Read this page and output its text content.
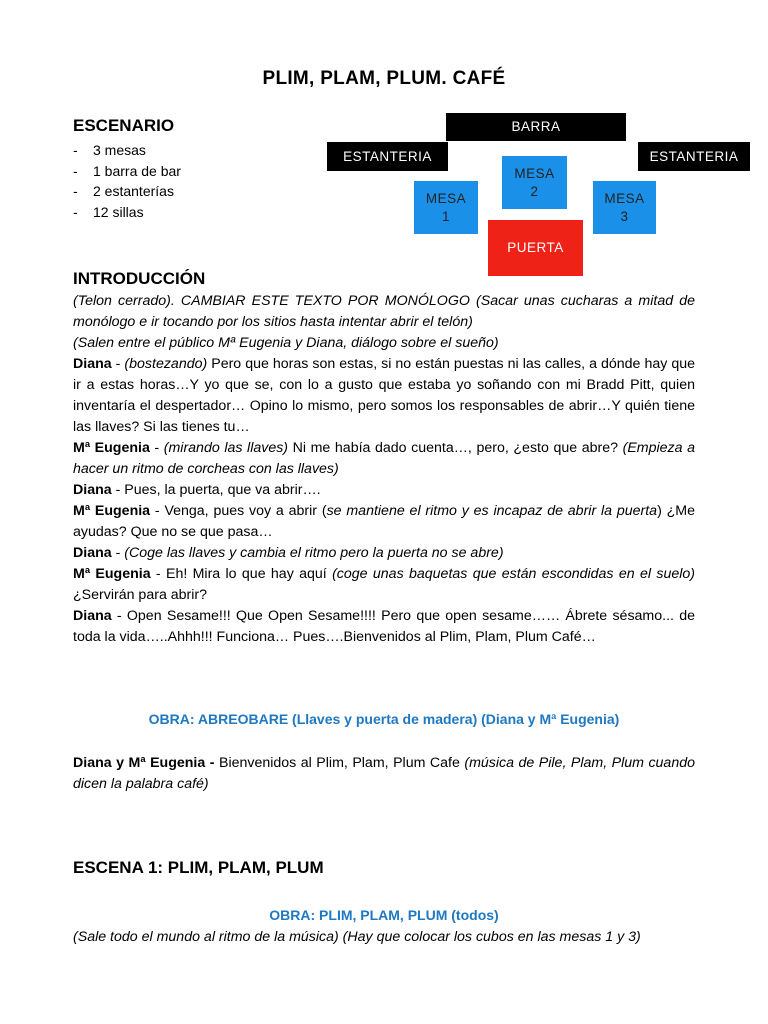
PLIM, PLAM, PLUM. CAFÉ
ESCENARIO
- 3 mesas
- 1 barra de bar
- 2 estanterías
- 12 sillas
BARRA
ESTANTERIA	ESTANTERIA
MESA
2
MESA
1
MESA
3
PUERTA
INTRODUCCIÓN

(Telon cerrado). CAMBIAR ESTE TEXTO POR MONÓLOGO (Sacar unas cucharas a mitad de monólogo e ir tocando por los sitios hasta intentar abrir el telón)

(Salen entre el público Mª Eugenia y Diana, diálogo sobre el sueño)

Diana - (bostezando) Pero que horas son estas, si no están puestas ni las calles, a dónde hay que ir a estas horas…Y yo que se, con lo a gusto que estaba yo soñando con mi Bradd Pitt, quien inventaría el despertador… Opino lo mismo, pero somos los responsables de abrir…Y quién tiene las llaves? Si las tienes tu…

Mª Eugenia - (mirando las llaves) Ni me había dado cuenta…, pero, ¿esto que abre? (Empieza a hacer un ritmo de corcheas con las llaves)

Diana - Pues, la puerta, que va abrir….

Mª Eugenia - Venga, pues voy a abrir (se mantiene el ritmo y es incapaz de abrir la puerta) ¿Me ayudas? Que no se que pasa…

Diana - (Coge las llaves y cambia el ritmo pero la puerta no se abre)

Mª Eugenia - Eh! Mira lo que hay aquí (coge unas baquetas que están escondidas en el suelo) ¿Servirán para abrir?

Diana - Open Sesame!!! Que Open Sesame!!!! Pero que open sesame…… Ábrete sésamo... de toda la vida…..Ahhh!!! Funciona… Pues….Bienvenidos al Plim, Plam, Plum Café…

OBRA: ABREOBARE (Llaves y puerta de madera) (Diana y Mª Eugenia)

Diana y Mª Eugenia - Bienvenidos al Plim, Plam, Plum Cafe (música de Pile, Plam, Plum cuando dicen la palabra café)

ESCENA 1: PLIM, PLAM, PLUM
OBRA: PLIM, PLAM, PLUM (todos)
(Sale todo el mundo al ritmo de la música) (Hay que colocar los cubos en las mesas 1 y 3)
